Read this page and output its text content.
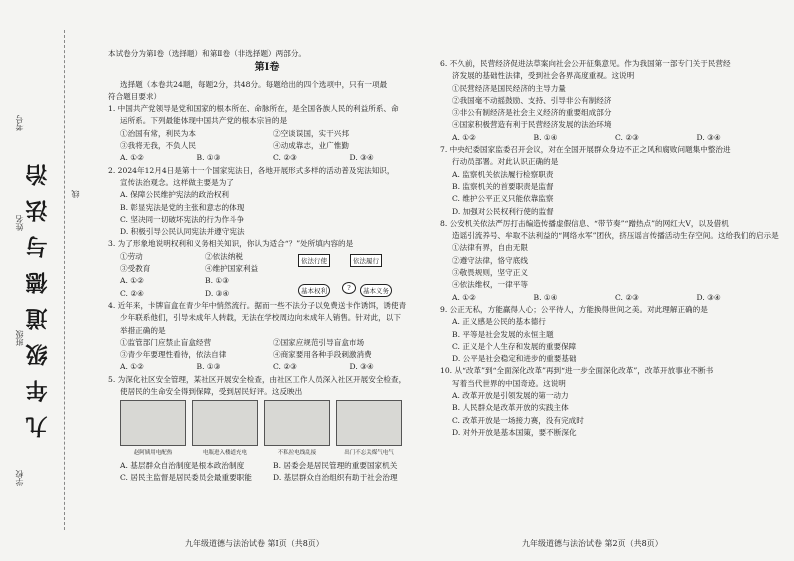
学校
班级
姓名
考号
九年级道德与法治	线

本试卷分为第Ⅰ卷（选择题）和第Ⅱ卷（非选择题）两部分。

第Ⅰ卷

选择题（本卷共24题，每题2分，共48分。每题给出的四个选项中，只有一项最

符合题目要求）

1. 中国共产党领导是党和国家的根本所在、命脉所在，是全国各族人民的利益所系、命

运所系。下列最能体现中国共产党的根本宗旨的是

①治国有常，利民为本	②空谈误国，实干兴邦
③我将无我，不负人民	④动成靠志，业广惟勤
A. ①②	B. ①③	C. ②③	D. ③④

2. 2024年12月4日是第十一个国家宪法日，各地开展形式多样的活动普及宪法知识，

宣传法治观念。这样做主要是为了

A. 保障公民维护宪法的政治权利

B. 彰显宪法是党的主张和意志的体现

C. 坚决同一切破坏宪法的行为作斗争

D. 积极引导公民认同宪法并遵守宪法

3. 为了形象地说明权利和义务相关知识，你认为适合“？”处所填内容的是

①劳动	②依法纳税
③受教育	④维护国家利益
A. ①②	B. ①③
C. ②④	D. ③④

4. 近年来，卡牌盲盒在青少年中悄然流行。据而一些不法分子以免费送卡作诱饵，诱使青

少年联系他们，引导未成年人转载，无法在学校周边向未成年人销售。针对此，以下

举措正确的是

①监管部门应禁止盲盒经营	②国家应规范引导盲盒市场
③青少年要理性看待，依法自律	④商家要用各种手段刺激消费
A. ①②	B. ①③	C. ②③	D. ③④

5. 为深化社区安全管理，某社区开展安全检查，由社区工作人员深入社区开展安全检查，

使居民的生命安全得到保障，受到居民好评。这反映出

赵阿姨用电配热	电瓶进入楼道充电	不私拉电线乱接	出门不忘关煤气电气
A. 基层群众自治制度是根本政治制度	B. 居委会是居民管理的重要国家机关
C. 居民主监督是居民委员会最重要职能	D. 基层群众自治组织有助于社会治理
依法行使	依法履行
基本权利	?	基本义务

6. 不久前，民营经济促进法草案向社会公开征集意见。作为我国第一部专门关于民营经

济发展的基础性法律，受到社会各界高度重视。这说明

①民营经济是国民经济的主导力量

②我国毫不动摇鼓励、支持、引导非公有制经济

③非公有制经济是社会主义经济的重要组成部分

④国家积极营造有利于民营经济发展的法治环境

A. ①②	B. ①④	C. ②③	D. ③④

7. 中央纪委国家监委召开会议，对在全国开展群众身边不正之风和腐败问题集中整治进

行动员部署。对此认识正确的是

A. 监察机关依法履行检察职责

B. 监察机关的首要职责是监督

C. 维护公平正义只能依靠监察

D. 加强对公民权利行使的监督

8. 公安机关依法严厉打击编造传播虚假信息、“带节奏”“蹭热点”的网红大V，以及借机

造谣引流养号、牟取不法利益的“网络水军”团伙，挤压谣言传播活动生存空间。这给我们的启示是

①法律有界，自由无限

②遵守法律，恪守底线

③敬畏规则，坚守正义

④依法维权，一律平等

A. ①②	B. ①④	C. ②③	D. ③④

9. 公正无私，方能赢得人心；公平待人，方能换得世间之美。对此理解正确的是

A. 正义感是公民的基本德行

B. 平等是社会发展的永恒主题

C. 正义是个人生存和发展的重要保障

D. 公平是社会稳定和进步的重要基础

10. 从“改革”到“全面深化改革”再到“进一步全面深化改革”，改革开放事业不断书

写着当代世界的中国奇迹。这说明

A. 改革开放是引领发展的第一动力

B. 人民群众是改革开放的实践主体

C. 改革开放是一场接力赛，没有完成时

D. 对外开放是基本国策，要不断深化

九年级道德与法治试卷 第Ⅰ页（共8页）	九年级道德与法治试卷 第2页（共8页）
